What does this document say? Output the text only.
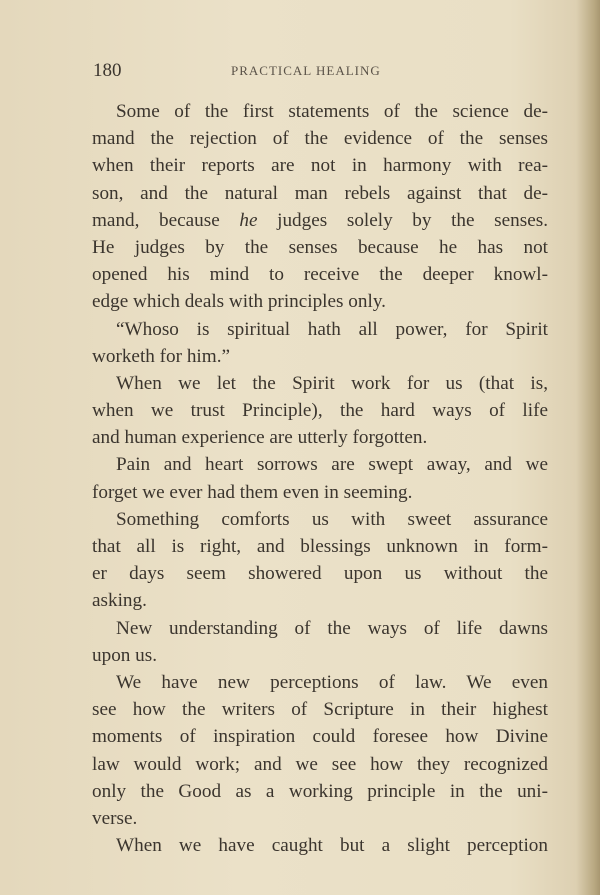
180	PRACTICAL HEALING
Some of the first statements of the science de-
mand the rejection of the evidence of the senses
when their reports are not in harmony with rea-
son, and the natural man rebels against that de-
mand, because he judges solely by the senses.
He judges by the senses because he has not
opened his mind to receive the deeper knowl-
edge which deals with principles only.
“Whoso is spiritual hath all power, for Spirit
worketh for him.”
When we let the Spirit work for us (that is,
when we trust Principle), the hard ways of life
and human experience are utterly forgotten.
Pain and heart sorrows are swept away, and we
forget we ever had them even in seeming.
Something comforts us with sweet assurance
that all is right, and blessings unknown in form-
er days seem showered upon us without the
asking.
New understanding of the ways of life dawns
upon us.
We have new perceptions of law. We even
see how the writers of Scripture in their highest
moments of inspiration could foresee how Divine
law would work; and we see how they recognized
only the Good as a working principle in the uni-
verse.
When we have caught but a slight perception
